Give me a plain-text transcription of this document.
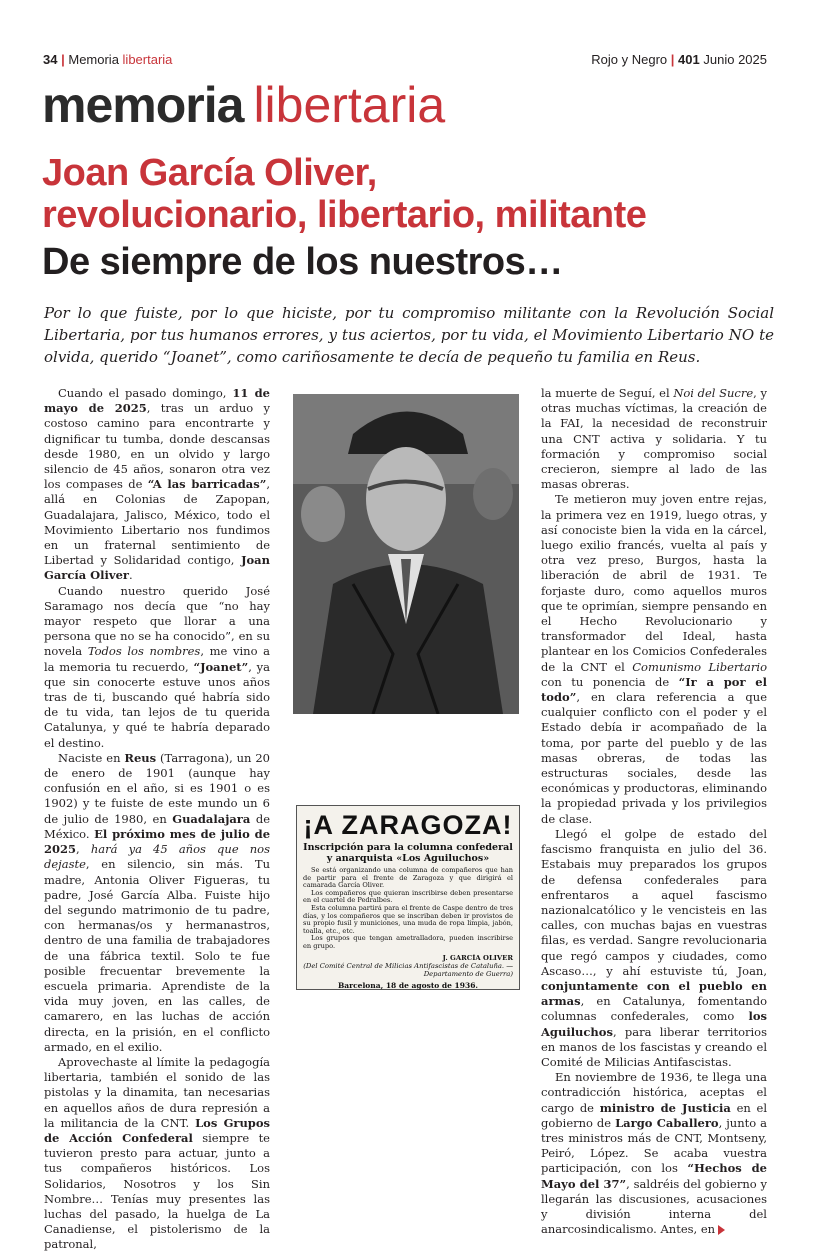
34 | Memoria libertaria	Rojo y Negro | 401 Junio 2025
memoria libertaria
Joan García Oliver,
revolucionario, libertario, militante
De siempre de los nuestros…

Por lo que fuiste, por lo que hiciste, por tu compromiso militante con la Revolución Social Libertaria, por tus humanos errores, y tus aciertos, por tu vida, el Movimiento Libertario NO te olvida, querido “Joanet”, como cariñosamente te decía de pequeño tu familia en Reus.

Cuando el pasado domingo, 11 de mayo de 2025, tras un arduo y costoso camino para encontrarte y dignificar tu tumba, donde descansas desde 1980, en un olvido y largo silencio de 45 años, sonaron otra vez los compases de “A las barricadas”, allá en Colonias de Zapopan, Guadalajara, Jalisco, México, todo el Movimiento Libertario nos fundimos en un fraternal sentimiento de Libertad y Solidaridad contigo, Joan García Oliver.

Cuando nuestro querido José Saramago nos decía que “no hay mayor respeto que llorar a una persona que no se ha conocido”, en su novela Todos los nombres, me vino a la memoria tu recuerdo, “Joanet”, ya que sin conocerte estuve unos años tras de ti, buscando qué habría sido de tu vida, tan lejos de tu querida Catalunya, y qué te habría deparado el destino.

Naciste en Reus (Tarragona), un 20 de enero de 1901 (aunque hay confusión en el año, si es 1901 o es 1902) y te fuiste de este mundo un 6 de julio de 1980, en Guadalajara de México. El próximo mes de julio de 2025, hará ya 45 años que nos dejaste, en silencio, sin más. Tu madre, Antonia Oliver Figueras, tu padre, José García Alba. Fuiste hijo del segundo matrimonio de tu padre, con hermanas/os y hermanastros, dentro de una familia de trabajadores de una fábrica textil. Solo te fue posible frecuentar brevemente la escuela primaria. Aprendiste de la vida muy joven, en las calles, de camarero, en las luchas de acción directa, en la prisión, en el conflicto armado, en el exilio.

Aprovechaste al límite la pedagogía libertaria, también el sonido de las pistolas y la dinamita, tan necesarias en aquellos años de dura represión a la militancia de la CNT. Los Grupos de Acción Confederal siempre te tuvieron presto para actuar, junto a tus compañeros históricos. Los Solidarios, Nosotros y los Sin Nombre… Tenías muy presentes las luchas del pasado, la huelga de La Canadiense, el pistolerismo de la patronal,

¡A ZARAGOZA!

Inscripción para la columna confederal y anarquista «Los Aguiluchos»

Se está organizando una columna de compañeros que han de partir para el frente de Zaragoza y que dirigirá el camarada García Oliver.

Los compañeros que quieran inscribirse deben presentarse en el cuartel de Pedralbes.

Esta columna partirá para el frente de Caspe dentro de tres días, y los compañeros que se inscriban deben ir provistos de su propio fusil y municiones, una muda de ropa limpia, jabón, toalla, etc., etc.

Los grupos que tengan ametralladora, pueden inscribirse en grupo.

J. GARCÍA OLIVER
(Del Comité Central de Milicias Antifascistas de Cataluña. — Departamento de Guerra)
Barcelona, 18 de agosto de 1936.

la muerte de Seguí, el Noi del Sucre, y otras muchas víctimas, la creación de la FAI, la necesidad de reconstruir una CNT activa y solidaria. Y tu formación y compromiso social crecieron, siempre al lado de las masas obreras.

Te metieron muy joven entre rejas, la primera vez en 1919, luego otras, y así conociste bien la vida en la cárcel, luego exilio francés, vuelta al país y otra vez preso, Burgos, hasta la liberación de abril de 1931. Te forjaste duro, como aquellos muros que te oprimían, siempre pensando en el Hecho Revolucionario y transformador del Ideal, hasta plantear en los Comicios Confederales de la CNT el Comunismo Libertario con tu ponencia de “Ir a por el todo”, en clara referencia a que cualquier conflicto con el poder y el Estado debía ir acompañado de la toma, por parte del pueblo y de las masas obreras, de todas las estructuras sociales, desde las económicas y productoras, eliminando la propiedad privada y los privilegios de clase.

Llegó el golpe de estado del fascismo franquista en julio del 36. Estabais muy preparados los grupos de defensa confederales para enfrentaros a aquel fascismo nazionalcatólico y le vencisteis en las calles, con muchas bajas en vuestras filas, es verdad. Sangre revolucionaria que regó campos y ciudades, como Ascaso…, y ahí estuviste tú, Joan, conjuntamente con el pueblo en armas, en Catalunya, fomentando columnas confederales, como los Aguiluchos, para liberar territorios en manos de los fascistas y creando el Comité de Milicias Antifascistas.

En noviembre de 1936, te llega una contradicción histórica, aceptas el cargo de ministro de Justicia en el gobierno de Largo Caballero, junto a tres ministros más de CNT, Montseny, Peiró, López. Se acaba vuestra participación, con los “Hechos de Mayo del 37”, saldréis del gobierno y llegarán las discusiones, acusaciones y división interna del anarcosindicalismo. Antes, en
